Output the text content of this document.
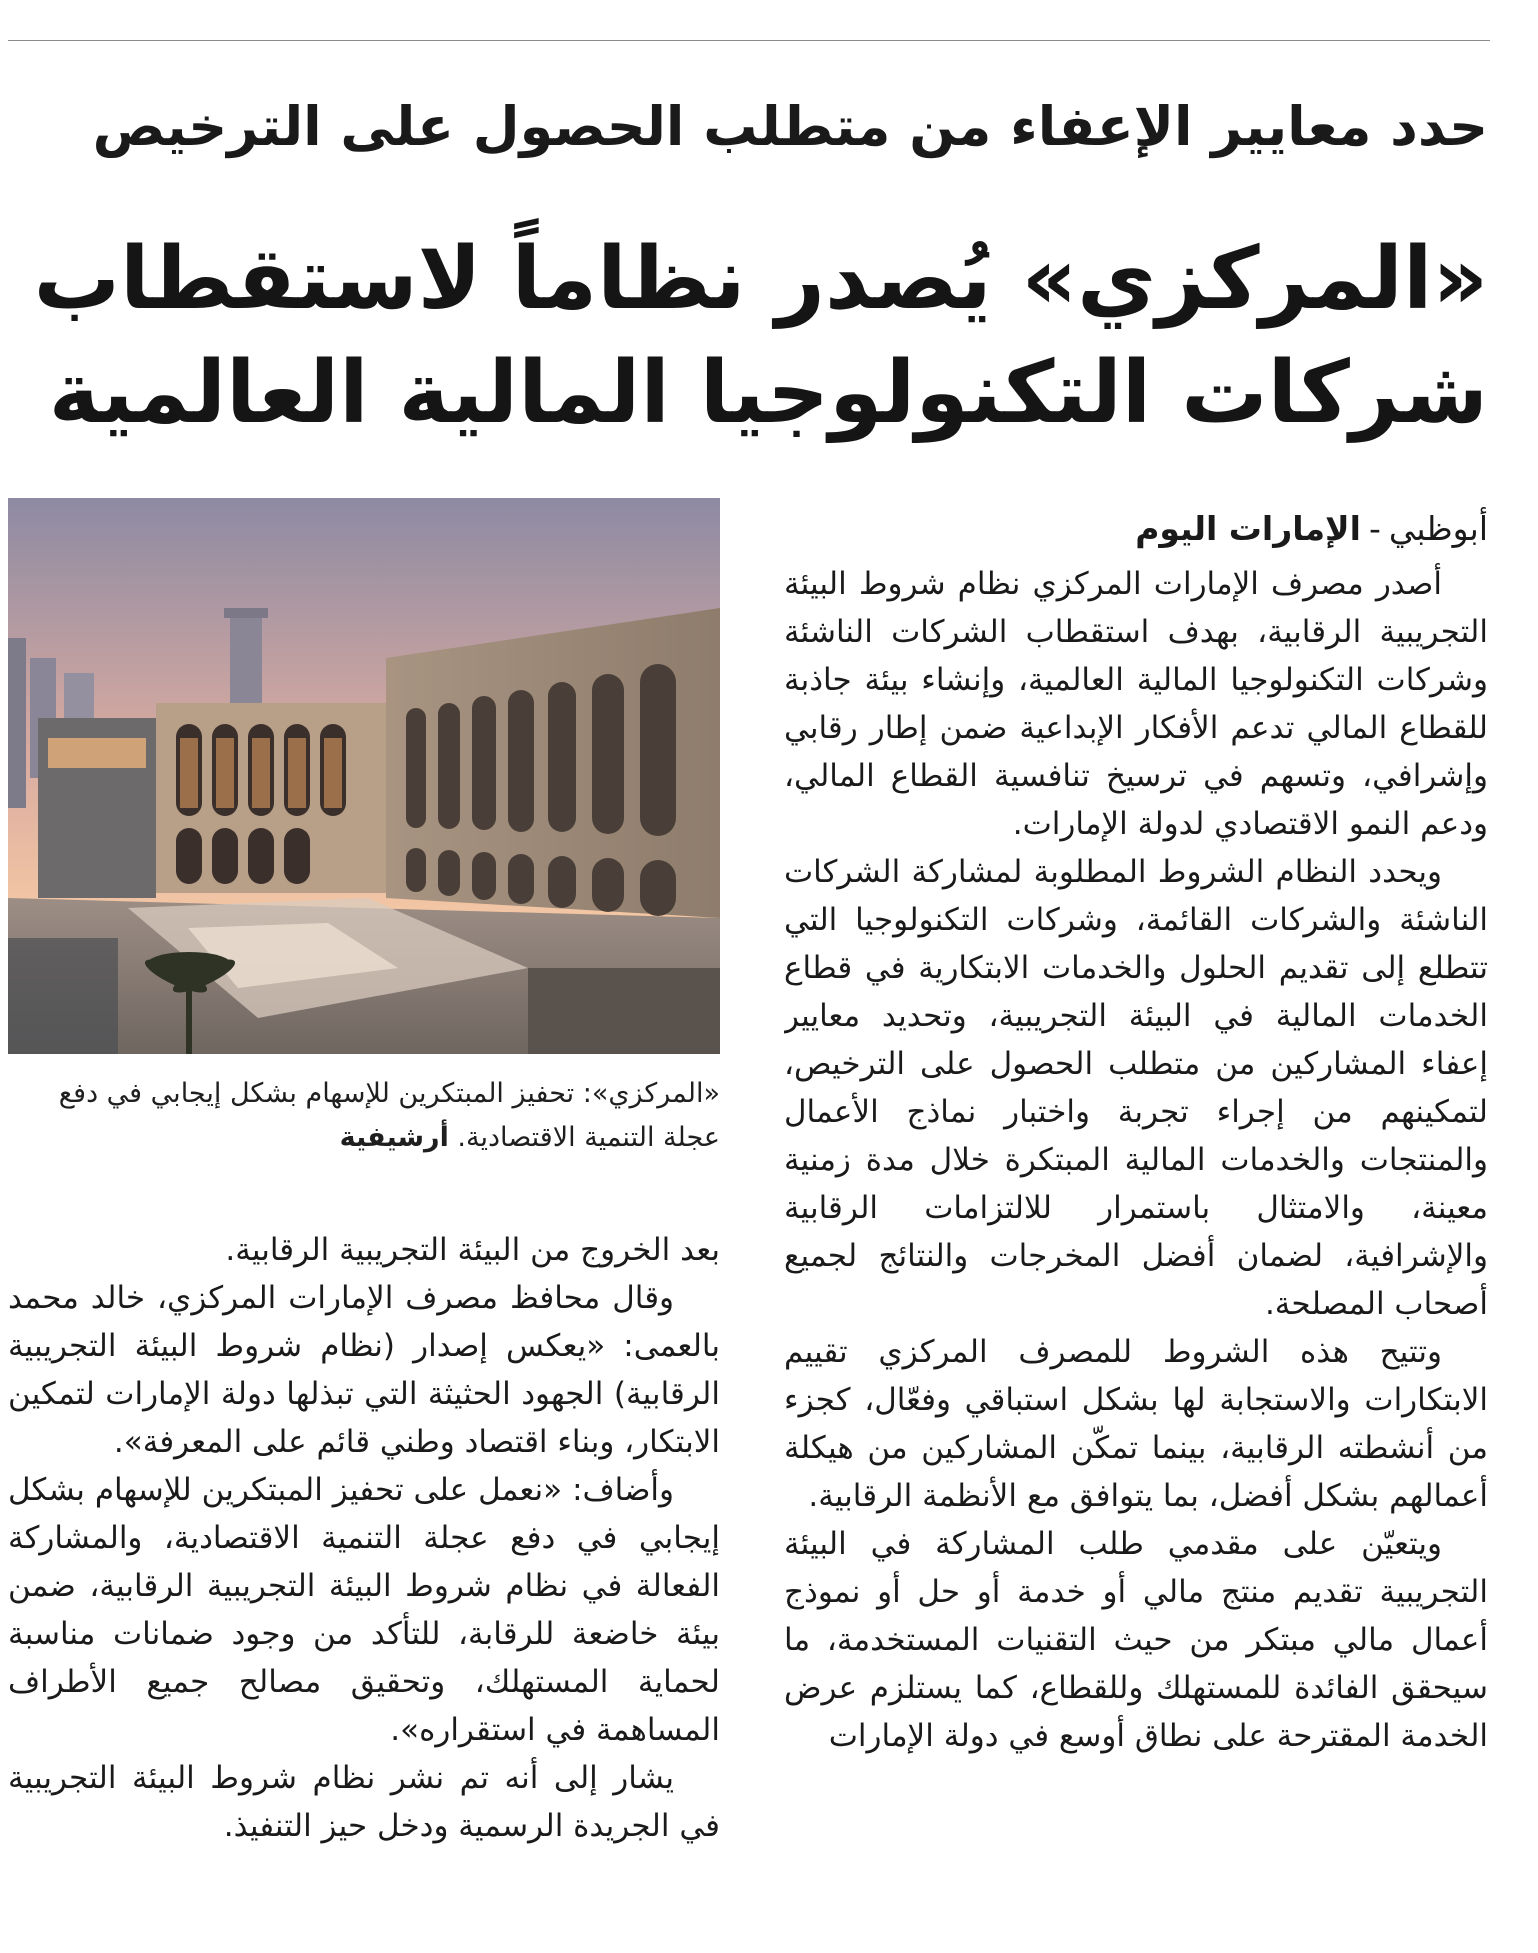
حدد معايير الإعفاء من متطلب الحصول على الترخيص
«المركزي» يُصدر نظاماً لاستقطاب
شركات التكنولوجيا المالية العالمية
«المركزي»: تحفيز المبتكرين للإسهام بشكل إيجابي في دفع عجلة التنمية الاقتصادية. أرشيفية
أبوظبي-الإمارات اليوم

أصدر مصرف الإمارات المركزي نظام شروط البيئة التجريبية الرقابية، بهدف استقطاب الشركات الناشئة وشركات التكنولوجيا المالية العالمية، وإنشاء بيئة جاذبة للقطاع المالي تدعم الأفكار الإبداعية ضمن إطار رقابي وإشرافي، وتسهم في ترسيخ تنافسية القطاع المالي، ودعم النمو الاقتصادي لدولة الإمارات.

ويحدد النظام الشروط المطلوبة لمشاركة الشركات الناشئة والشركات القائمة، وشركات التكنولوجيا التي تتطلع إلى تقديم الحلول والخدمات الابتكارية في قطاع الخدمات المالية في البيئة التجريبية، وتحديد معايير إعفاء المشاركين من متطلب الحصول على الترخيص، لتمكينهم من إجراء تجربة واختبار نماذج الأعمال والمنتجات والخدمات المالية المبتكرة خلال مدة زمنية معينة، والامتثال باستمرار للالتزامات الرقابية والإشرافية، لضمان أفضل المخرجات والنتائج لجميع أصحاب المصلحة.

وتتيح هذه الشروط للمصرف المركزي تقييم الابتكارات والاستجابة لها بشكل استباقي وفعّال، كجزء من أنشطته الرقابية، بينما تمكّن المشاركين من هيكلة أعمالهم بشكل أفضل، بما يتوافق مع الأنظمة الرقابية.

ويتعيّن على مقدمي طلب المشاركة في البيئة التجريبية تقديم منتج مالي أو خدمة أو حل أو نموذج أعمال مالي مبتكر من حيث التقنيات المستخدمة، ما سيحقق الفائدة للمستهلك وللقطاع، كما يستلزم عرض الخدمة المقترحة على نطاق أوسع في دولة الإمارات

بعد الخروج من البيئة التجريبية الرقابية.

وقال محافظ مصرف الإمارات المركزي، خالد محمد بالعمى: «يعكس إصدار (نظام شروط البيئة التجريبية الرقابية) الجهود الحثيثة التي تبذلها دولة الإمارات لتمكين الابتكار، وبناء اقتصاد وطني قائم على المعرفة».

وأضاف: «نعمل على تحفيز المبتكرين للإسهام بشكل إيجابي في دفع عجلة التنمية الاقتصادية، والمشاركة الفعالة في نظام شروط البيئة التجريبية الرقابية، ضمن بيئة خاضعة للرقابة، للتأكد من وجود ضمانات مناسبة لحماية المستهلك، وتحقيق مصالح جميع الأطراف المساهمة في استقراره».

يشار إلى أنه تم نشر نظام شروط البيئة التجريبية في الجريدة الرسمية ودخل حيز التنفيذ.
